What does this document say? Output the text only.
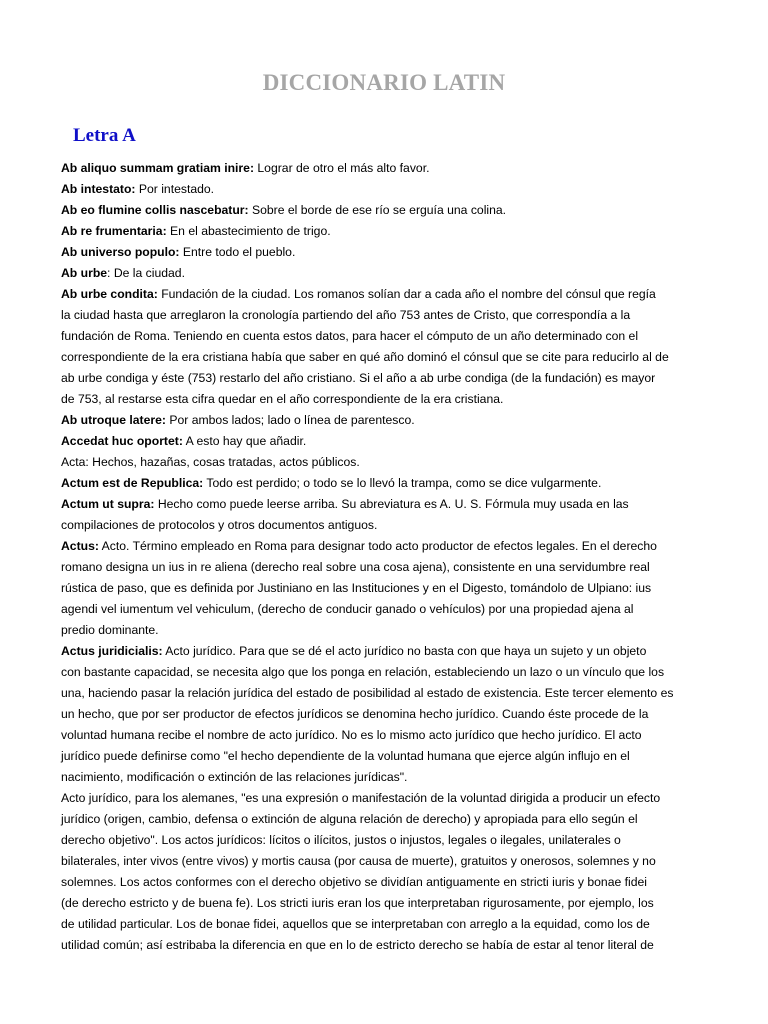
DICCIONARIO LATIN
Letra A
Ab aliquo summam gratiam inire: Lograr de otro el más alto favor.
Ab intestato: Por intestado.
Ab eo flumine collis nascebatur: Sobre el borde de ese río se erguía una colina.
Ab re frumentaria: En el abastecimiento de trigo.
Ab universo populo: Entre todo el pueblo.
Ab urbe: De la ciudad.
Ab urbe condita: Fundación de la ciudad. Los romanos solían dar a cada año el nombre del cónsul que regía
la ciudad hasta que arreglaron la cronología partiendo del año 753 antes de Cristo, que correspondía a la
fundación de Roma. Teniendo en cuenta estos datos, para hacer el cómputo de un año determinado con el
correspondiente de la era cristiana había que saber en qué año dominó el cónsul que se cite para reducirlo al de
ab urbe condiga y éste (753) restarlo del año cristiano. Si el año a ab urbe condiga (de la fundación) es mayor
de 753, al restarse esta cifra quedar en el año correspondiente de la era cristiana.
Ab utroque latere: Por ambos lados; lado o línea de parentesco.
Accedat huc oportet: A esto hay que añadir.
Acta: Hechos, hazañas, cosas tratadas, actos públicos.
Actum est de Republica: Todo est perdido; o todo se lo llevó la trampa, como se dice vulgarmente.
Actum ut supra: Hecho como puede leerse arriba. Su abreviatura es A. U. S. Fórmula muy usada en las
compilaciones de protocolos y otros documentos antiguos.
Actus: Acto. Término empleado en Roma para designar todo acto productor de efectos legales. En el derecho
romano designa un ius in re aliena (derecho real sobre una cosa ajena), consistente en una servidumbre real
rústica de paso, que es definida por Justiniano en las Instituciones y en el Digesto, tomándolo de Ulpiano: ius
agendi vel iumentum vel vehiculum, (derecho de conducir ganado o vehículos) por una propiedad ajena al
predio dominante.
Actus juridicialis: Acto jurídico. Para que se dé el acto jurídico no basta con que haya un sujeto y un objeto
con bastante capacidad, se necesita algo que los ponga en relación, estableciendo un lazo o un vínculo que los
una, haciendo pasar la relación jurídica del estado de posibilidad al estado de existencia. Este tercer elemento es
un hecho, que por ser productor de efectos jurídicos se denomina hecho jurídico. Cuando éste procede de la
voluntad humana recibe el nombre de acto jurídico. No es lo mismo acto jurídico que hecho jurídico. El acto
jurídico puede definirse como "el hecho dependiente de la voluntad humana que ejerce algún influjo en el
nacimiento, modificación o extinción de las relaciones jurídicas".
Acto jurídico, para los alemanes, "es una expresión o manifestación de la voluntad dirigida a producir un efecto
jurídico (origen, cambio, defensa o extinción de alguna relación de derecho) y apropiada para ello según el
derecho objetivo". Los actos jurídicos: lícitos o ilícitos, justos o injustos, legales o ilegales, unilaterales o
bilaterales, inter vivos (entre vivos) y mortis causa (por causa de muerte), gratuitos y onerosos, solemnes y no
solemnes. Los actos conformes con el derecho objetivo se dividían antiguamente en stricti iuris y bonae fidei
(de derecho estricto y de buena fe). Los stricti iuris eran los que interpretaban rigurosamente, por ejemplo, los
de utilidad particular. Los de bonae fidei, aquellos que se interpretaban con arreglo a la equidad, como los de
utilidad común; así estribaba la diferencia en que en lo de estricto derecho se había de estar al tenor literal de
